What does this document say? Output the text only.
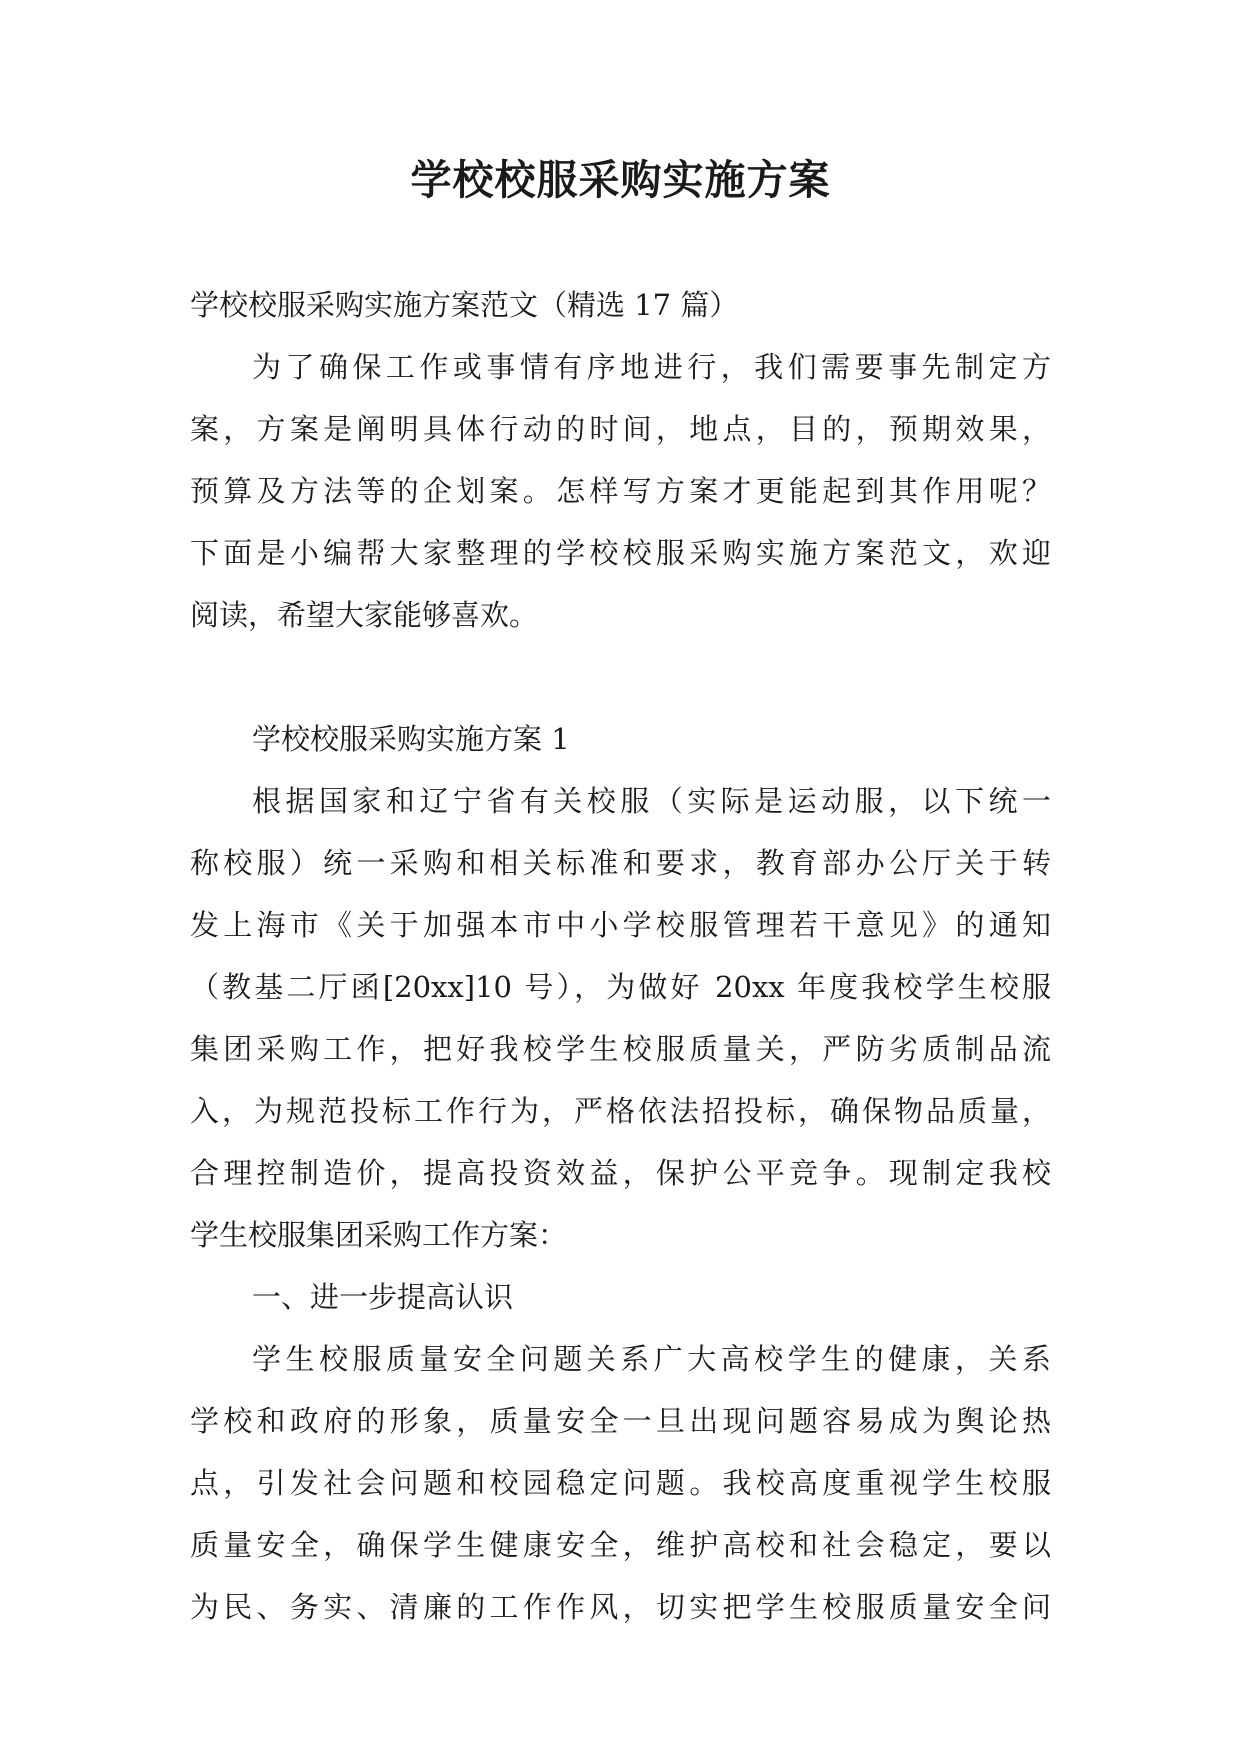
学校校服采购实施方案
学校校服采购实施方案范文（精选 17 篇）
为了确保工作或事情有序地进行，我们需要事先制定方
案，方案是阐明具体行动的时间，地点，目的，预期效果，
预算及方法等的企划案。怎样写方案才更能起到其作用呢？
下面是小编帮大家整理的学校校服采购实施方案范文，欢迎
阅读，希望大家能够喜欢。
学校校服采购实施方案 1
根据国家和辽宁省有关校服（实际是运动服，以下统一
称校服）统一采购和相关标准和要求，教育部办公厅关于转
发上海市《关于加强本市中小学校服管理若干意见》的通知
（教基二厅函[20xx]10 号），为做好 20xx 年度我校学生校服
集团采购工作，把好我校学生校服质量关，严防劣质制品流
入，为规范投标工作行为，严格依法招投标，确保物品质量，
合理控制造价，提高投资效益，保护公平竞争。现制定我校
学生校服集团采购工作方案：
一、进一步提高认识
学生校服质量安全问题关系广大高校学生的健康，关系
学校和政府的形象，质量安全一旦出现问题容易成为舆论热
点，引发社会问题和校园稳定问题。我校高度重视学生校服
质量安全，确保学生健康安全，维护高校和社会稳定，要以
为民、务实、清廉的工作作风，切实把学生校服质量安全问
